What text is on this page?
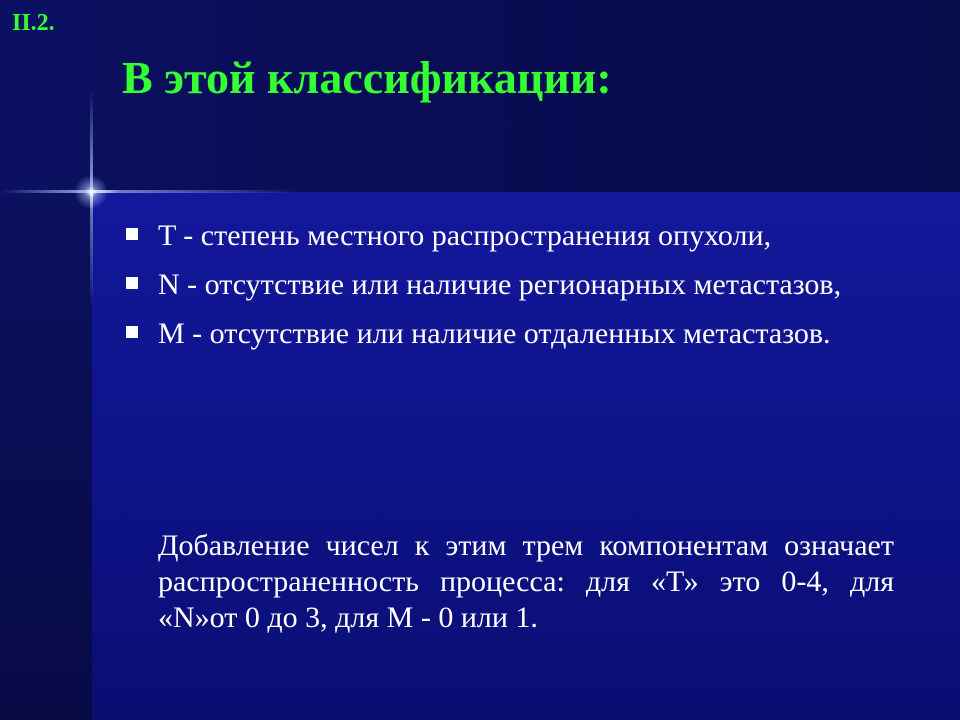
II.2.
В этой классификации:
T - степень местного распространения опухоли,
N - отсутствие или наличие регионарных метастазов,
M - отсутствие или наличие отдаленных метастазов.

Добавление чисел к этим трем компонентам означает распространенность процесса: для «Т» это 0-4, для «N»от 0 до 3, для M - 0 или 1.
